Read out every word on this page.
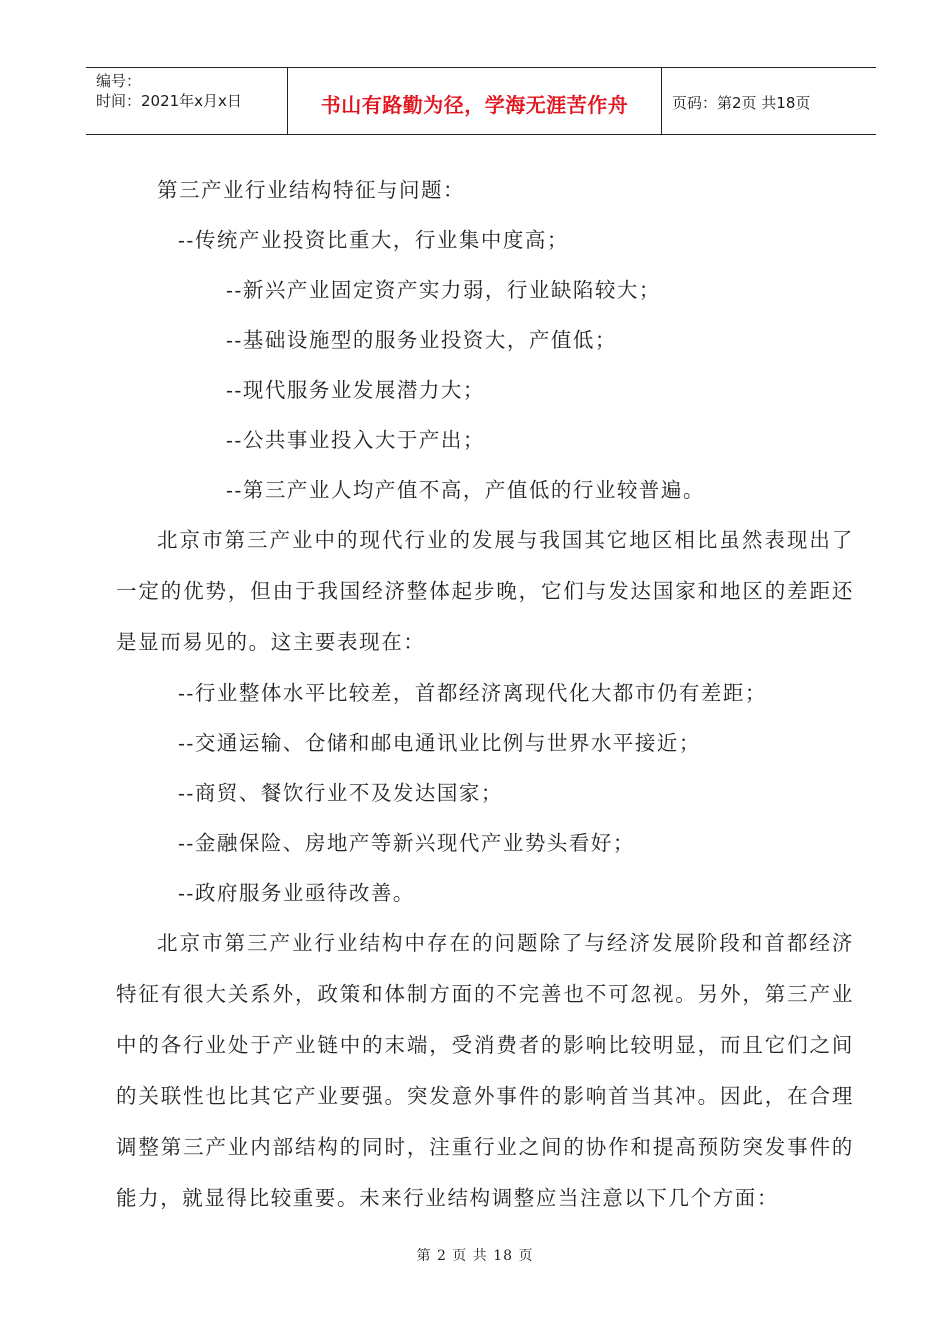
编号：
时间：2021年x月x日	书山有路勤为径，学海无涯苦作舟	页码：第2页 共18页

第三产业行业结构特征与问题：

--传统产业投资比重大，行业集中度高；

--新兴产业固定资产实力弱，行业缺陷较大；

--基础设施型的服务业投资大，产值低；

--现代服务业发展潜力大；

--公共事业投入大于产出；

--第三产业人均产值不高，产值低的行业较普遍。

北京市第三产业中的现代行业的发展与我国其它地区相比虽然表现出了一定的优势，但由于我国经济整体起步晚，它们与发达国家和地区的差距还是显而易见的。这主要表现在：

--行业整体水平比较差，首都经济离现代化大都市仍有差距；

--交通运输、仓储和邮电通讯业比例与世界水平接近；

--商贸、餐饮行业不及发达国家；

--金融保险、房地产等新兴现代产业势头看好；

--政府服务业亟待改善。

北京市第三产业行业结构中存在的问题除了与经济发展阶段和首都经济特征有很大关系外，政策和体制方面的不完善也不可忽视。另外，第三产业中的各行业处于产业链中的末端，受消费者的影响比较明显，而且它们之间的关联性也比其它产业要强。突发意外事件的影响首当其冲。因此，在合理调整第三产业内部结构的同时，注重行业之间的协作和提高预防突发事件的能力，就显得比较重要。未来行业结构调整应当注意以下几个方面：

第 2 页 共 18 页
